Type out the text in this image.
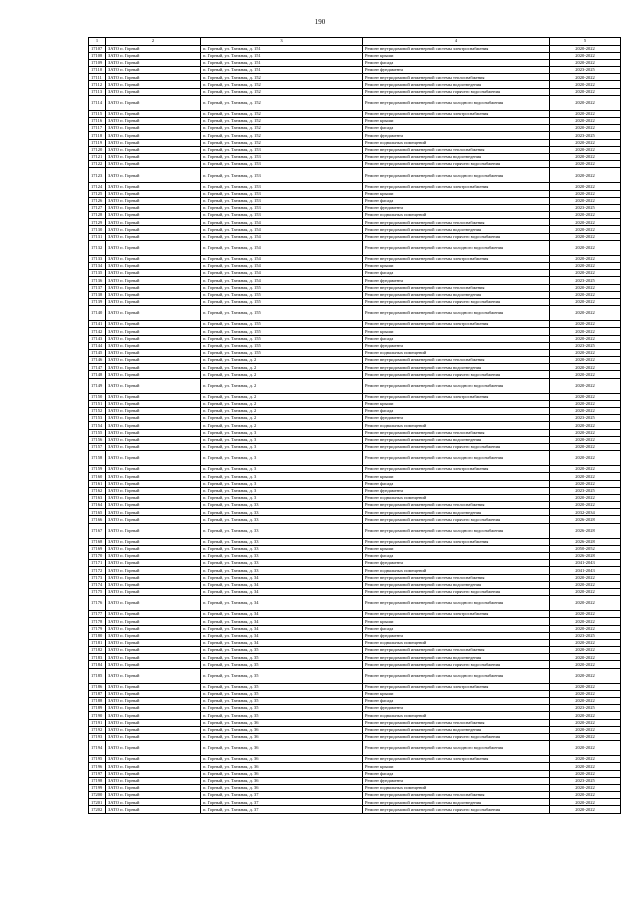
190
1	2	3	4	5
17107	ЗАТО п. Горный	п. Горный, ул. Таежная, д. 151	Ремонт внутридомовой инженерной системы электроснабжения	2020-2022
17108	ЗАТО п. Горный	п. Горный, ул. Таежная, д. 151	Ремонт крыши	2020-2022
17109	ЗАТО п. Горный	п. Горный, ул. Таежная, д. 151	Ремонт фасада	2020-2022
17110	ЗАТО п. Горный	п. Горный, ул. Таежная, д. 151	Ремонт фундамента	2023-2025
17111	ЗАТО п. Горный	п. Горный, ул. Таежная, д. 152	Ремонт внутридомовой инженерной системы теплоснабжения	2020-2022
17112	ЗАТО п. Горный	п. Горный, ул. Таежная, д. 152	Ремонт внутридомовой инженерной системы водоотведения	2020-2022
17113	ЗАТО п. Горный	п. Горный, ул. Таежная, д. 152	Ремонт внутридомовой инженерной системы горячего водоснабжения	2020-2022
17114	ЗАТО п. Горный	п. Горный, ул. Таежная, д. 152	Ремонт внутридомовой инженерной системы холодного водоснабжения	2020-2022
17115	ЗАТО п. Горный	п. Горный, ул. Таежная, д. 152	Ремонт внутридомовой инженерной системы электроснабжения	2020-2022
17116	ЗАТО п. Горный	п. Горный, ул. Таежная, д. 152	Ремонт крыши	2020-2022
17117	ЗАТО п. Горный	п. Горный, ул. Таежная, д. 152	Ремонт фасада	2020-2022
17118	ЗАТО п. Горный	п. Горный, ул. Таежная, д. 152	Ремонт фундамента	2023-2025
17119	ЗАТО п. Горный	п. Горный, ул. Таежная, д. 152	Ремонт подвальных помещений	2020-2022
17120	ЗАТО п. Горный	п. Горный, ул. Таежная, д. 153	Ремонт внутридомовой инженерной системы теплоснабжения	2020-2022
17121	ЗАТО п. Горный	п. Горный, ул. Таежная, д. 153	Ремонт внутридомовой инженерной системы водоотведения	2020-2022
17122	ЗАТО п. Горный	п. Горный, ул. Таежная, д. 153	Ремонт внутридомовой инженерной системы горячего водоснабжения	2020-2022
17123	ЗАТО п. Горный	п. Горный, ул. Таежная, д. 153	Ремонт внутридомовой инженерной системы холодного водоснабжения	2020-2022
17124	ЗАТО п. Горный	п. Горный, ул. Таежная, д. 153	Ремонт внутридомовой инженерной системы электроснабжения	2020-2022
17125	ЗАТО п. Горный	п. Горный, ул. Таежная, д. 153	Ремонт крыши	2020-2022
17126	ЗАТО п. Горный	п. Горный, ул. Таежная, д. 153	Ремонт фасада	2020-2022
17127	ЗАТО п. Горный	п. Горный, ул. Таежная, д. 153	Ремонт фундамента	2023-2025
17128	ЗАТО п. Горный	п. Горный, ул. Таежная, д. 153	Ремонт подвальных помещений	2020-2022
17129	ЗАТО п. Горный	п. Горный, ул. Таежная, д. 154	Ремонт внутридомовой инженерной системы теплоснабжения	2020-2022
17130	ЗАТО п. Горный	п. Горный, ул. Таежная, д. 154	Ремонт внутридомовой инженерной системы водоотведения	2020-2022
17131	ЗАТО п. Горный	п. Горный, ул. Таежная, д. 154	Ремонт внутридомовой инженерной системы горячего водоснабжения	2020-2022
17132	ЗАТО п. Горный	п. Горный, ул. Таежная, д. 154	Ремонт внутридомовой инженерной системы холодного водоснабжения	2020-2022
17133	ЗАТО п. Горный	п. Горный, ул. Таежная, д. 154	Ремонт внутридомовой инженерной системы электроснабжения	2020-2022
17134	ЗАТО п. Горный	п. Горный, ул. Таежная, д. 154	Ремонт крыши	2020-2022
17135	ЗАТО п. Горный	п. Горный, ул. Таежная, д. 154	Ремонт фасада	2020-2022
17136	ЗАТО п. Горный	п. Горный, ул. Таежная, д. 154	Ремонт фундамента	2023-2025
17137	ЗАТО п. Горный	п. Горный, ул. Таежная, д. 155	Ремонт внутридомовой инженерной системы теплоснабжения	2020-2022
17138	ЗАТО п. Горный	п. Горный, ул. Таежная, д. 155	Ремонт внутридомовой инженерной системы водоотведения	2020-2022
17139	ЗАТО п. Горный	п. Горный, ул. Таежная, д. 155	Ремонт внутридомовой инженерной системы горячего водоснабжения	2020-2022
17140	ЗАТО п. Горный	п. Горный, ул. Таежная, д. 155	Ремонт внутридомовой инженерной системы холодного водоснабжения	2020-2022
17141	ЗАТО п. Горный	п. Горный, ул. Таежная, д. 155	Ремонт внутридомовой инженерной системы электроснабжения	2020-2022
17142	ЗАТО п. Горный	п. Горный, ул. Таежная, д. 155	Ремонт крыши	2020-2022
17143	ЗАТО п. Горный	п. Горный, ул. Таежная, д. 155	Ремонт фасада	2020-2022
17144	ЗАТО п. Горный	п. Горный, ул. Таежная, д. 155	Ремонт фундамента	2023-2025
17145	ЗАТО п. Горный	п. Горный, ул. Таежная, д. 155	Ремонт подвальных помещений	2020-2022
17146	ЗАТО п. Горный	п. Горный, ул. Таежная, д. 2	Ремонт внутридомовой инженерной системы теплоснабжения	2020-2022
17147	ЗАТО п. Горный	п. Горный, ул. Таежная, д. 2	Ремонт внутридомовой инженерной системы водоотведения	2020-2022
17148	ЗАТО п. Горный	п. Горный, ул. Таежная, д. 2	Ремонт внутридомовой инженерной системы горячего водоснабжения	2020-2022
17149	ЗАТО п. Горный	п. Горный, ул. Таежная, д. 2	Ремонт внутридомовой инженерной системы холодного водоснабжения	2020-2022
17150	ЗАТО п. Горный	п. Горный, ул. Таежная, д. 2	Ремонт внутридомовой инженерной системы электроснабжения	2020-2022
17151	ЗАТО п. Горный	п. Горный, ул. Таежная, д. 2	Ремонт крыши	2020-2022
17152	ЗАТО п. Горный	п. Горный, ул. Таежная, д. 2	Ремонт фасада	2020-2022
17153	ЗАТО п. Горный	п. Горный, ул. Таежная, д. 2	Ремонт фундамента	2023-2025
17154	ЗАТО п. Горный	п. Горный, ул. Таежная, д. 2	Ремонт подвальных помещений	2020-2022
17155	ЗАТО п. Горный	п. Горный, ул. Таежная, д. 3	Ремонт внутридомовой инженерной системы теплоснабжения	2020-2022
17156	ЗАТО п. Горный	п. Горный, ул. Таежная, д. 3	Ремонт внутридомовой инженерной системы водоотведения	2020-2022
17157	ЗАТО п. Горный	п. Горный, ул. Таежная, д. 3	Ремонт внутридомовой инженерной системы горячего водоснабжения	2020-2022
17158	ЗАТО п. Горный	п. Горный, ул. Таежная, д. 3	Ремонт внутридомовой инженерной системы холодного водоснабжения	2020-2022
17159	ЗАТО п. Горный	п. Горный, ул. Таежная, д. 3	Ремонт внутридомовой инженерной системы электроснабжения	2020-2022
17160	ЗАТО п. Горный	п. Горный, ул. Таежная, д. 3	Ремонт крыши	2020-2022
17161	ЗАТО п. Горный	п. Горный, ул. Таежная, д. 3	Ремонт фасада	2020-2022
17162	ЗАТО п. Горный	п. Горный, ул. Таежная, д. 3	Ремонт фундамента	2023-2025
17163	ЗАТО п. Горный	п. Горный, ул. Таежная, д. 3	Ремонт подвальных помещений	2020-2022
17164	ЗАТО п. Горный	п. Горный, ул. Таежная, д. 33	Ремонт внутридомовой инженерной системы теплоснабжения	2020-2022
17165	ЗАТО п. Горный	п. Горный, ул. Таежная, д. 33	Ремонт внутридомовой инженерной системы водоотведения	2032-2034
17166	ЗАТО п. Горный	п. Горный, ул. Таежная, д. 33	Ремонт внутридомовой инженерной системы горячего водоснабжения	2026-2028
17167	ЗАТО п. Горный	п. Горный, ул. Таежная, д. 33	Ремонт внутридомовой инженерной системы холодного водоснабжения	2026-2028
17168	ЗАТО п. Горный	п. Горный, ул. Таежная, д. 33	Ремонт внутридомовой инженерной системы электроснабжения	2026-2028
17169	ЗАТО п. Горный	п. Горный, ул. Таежная, д. 33	Ремонт крыши	2050-2052
17170	ЗАТО п. Горный	п. Горный, ул. Таежная, д. 33	Ремонт фасада	2026-2028
17171	ЗАТО п. Горный	п. Горный, ул. Таежная, д. 33	Ремонт фундамента	2041-2043
17172	ЗАТО п. Горный	п. Горный, ул. Таежная, д. 33	Ремонт подвальных помещений	2041-2043
17173	ЗАТО п. Горный	п. Горный, ул. Таежная, д. 34	Ремонт внутридомовой инженерной системы теплоснабжения	2020-2022
17174	ЗАТО п. Горный	п. Горный, ул. Таежная, д. 34	Ремонт внутридомовой инженерной системы водоотведения	2020-2022
17175	ЗАТО п. Горный	п. Горный, ул. Таежная, д. 34	Ремонт внутридомовой инженерной системы горячего водоснабжения	2020-2022
17176	ЗАТО п. Горный	п. Горный, ул. Таежная, д. 34	Ремонт внутридомовой инженерной системы холодного водоснабжения	2020-2022
17177	ЗАТО п. Горный	п. Горный, ул. Таежная, д. 34	Ремонт внутридомовой инженерной системы электроснабжения	2020-2022
17178	ЗАТО п. Горный	п. Горный, ул. Таежная, д. 34	Ремонт крыши	2020-2022
17179	ЗАТО п. Горный	п. Горный, ул. Таежная, д. 34	Ремонт фасада	2020-2022
17180	ЗАТО п. Горный	п. Горный, ул. Таежная, д. 34	Ремонт фундамента	2023-2025
17181	ЗАТО п. Горный	п. Горный, ул. Таежная, д. 34	Ремонт подвальных помещений	2020-2022
17182	ЗАТО п. Горный	п. Горный, ул. Таежная, д. 35	Ремонт внутридомовой инженерной системы теплоснабжения	2020-2022
17183	ЗАТО п. Горный	п. Горный, ул. Таежная, д. 35	Ремонт внутридомовой инженерной системы водоотведения	2020-2022
17184	ЗАТО п. Горный	п. Горный, ул. Таежная, д. 35	Ремонт внутридомовой инженерной системы горячего водоснабжения	2020-2022
17185	ЗАТО п. Горный	п. Горный, ул. Таежная, д. 35	Ремонт внутридомовой инженерной системы холодного водоснабжения	2020-2022
17186	ЗАТО п. Горный	п. Горный, ул. Таежная, д. 35	Ремонт внутридомовой инженерной системы электроснабжения	2020-2022
17187	ЗАТО п. Горный	п. Горный, ул. Таежная, д. 35	Ремонт крыши	2020-2022
17188	ЗАТО п. Горный	п. Горный, ул. Таежная, д. 35	Ремонт фасада	2020-2022
17189	ЗАТО п. Горный	п. Горный, ул. Таежная, д. 35	Ремонт фундамента	2023-2025
17190	ЗАТО п. Горный	п. Горный, ул. Таежная, д. 35	Ремонт подвальных помещений	2020-2022
17191	ЗАТО п. Горный	п. Горный, ул. Таежная, д. 36	Ремонт внутридомовой инженерной системы теплоснабжения	2020-2022
17192	ЗАТО п. Горный	п. Горный, ул. Таежная, д. 36	Ремонт внутридомовой инженерной системы водоотведения	2020-2022
17193	ЗАТО п. Горный	п. Горный, ул. Таежная, д. 36	Ремонт внутридомовой инженерной системы горячего водоснабжения	2020-2022
17194	ЗАТО п. Горный	п. Горный, ул. Таежная, д. 36	Ремонт внутридомовой инженерной системы холодного водоснабжения	2020-2022
17195	ЗАТО п. Горный	п. Горный, ул. Таежная, д. 36	Ремонт внутридомовой инженерной системы электроснабжения	2020-2022
17196	ЗАТО п. Горный	п. Горный, ул. Таежная, д. 36	Ремонт крыши	2020-2022
17197	ЗАТО п. Горный	п. Горный, ул. Таежная, д. 36	Ремонт фасада	2020-2022
17198	ЗАТО п. Горный	п. Горный, ул. Таежная, д. 36	Ремонт фундамента	2023-2025
17199	ЗАТО п. Горный	п. Горный, ул. Таежная, д. 36	Ремонт подвальных помещений	2020-2022
17200	ЗАТО п. Горный	п. Горный, ул. Таежная, д. 37	Ремонт внутридомовой инженерной системы теплоснабжения	2020-2022
17201	ЗАТО п. Горный	п. Горный, ул. Таежная, д. 37	Ремонт внутридомовой инженерной системы водоотведения	2020-2022
17202	ЗАТО п. Горный	п. Горный, ул. Таежная, д. 37	Ремонт внутридомовой инженерной системы горячего водоснабжения	2020-2022
